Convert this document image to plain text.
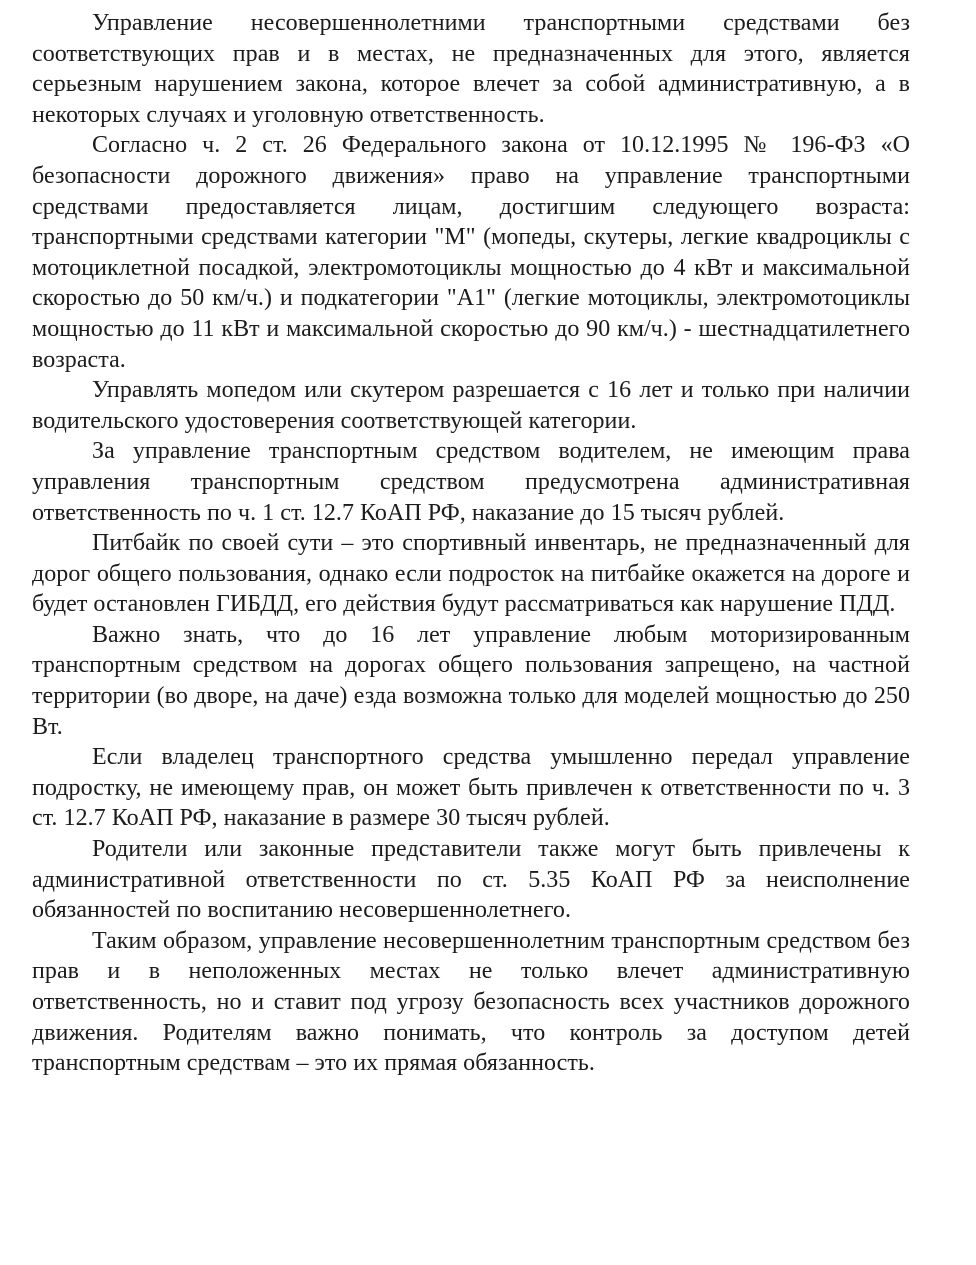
Управление несовершеннолетними транспортными средствами без соответствующих прав и в местах, не предназначенных для этого, является серьезным нарушением закона, которое влечет за собой административную, а в некоторых случаях и уголовную ответственность.

Согласно ч. 2 ст. 26 Федерального закона от 10.12.1995 № 196-ФЗ «О безопасности дорожного движения» право на управление транспортными средствами предоставляется лицам, достигшим следующего возраста: транспортными средствами категории "M" (мопеды, скутеры, легкие квадроциклы с мотоциклетной посадкой, электромотоциклы мощностью до 4 кВт и максимальной скоростью до 50 км/ч.) и подкатегории "A1" (легкие мотоциклы, электромотоциклы мощностью до 11 кВт и максимальной скоростью до 90 км/ч.) - шестнадцатилетнего возраста.

Управлять мопедом или скутером разрешается с 16 лет и только при наличии водительского удостоверения соответствующей категории.

За управление транспортным средством водителем, не имеющим права управления транспортным средством предусмотрена административная ответственность по ч. 1 ст. 12.7 КоАП РФ, наказание до 15 тысяч рублей.

Питбайк по своей сути – это спортивный инвентарь, не предназначенный для дорог общего пользования, однако если подросток на питбайке окажется на дороге и будет остановлен ГИБДД, его действия будут рассматриваться как нарушение ПДД.

Важно знать, что до 16 лет управление любым моторизированным транспортным средством на дорогах общего пользования запрещено, на частной территории (во дворе, на даче) езда возможна только для моделей мощностью до 250 Вт.

Если владелец транспортного средства умышленно передал управление подростку, не имеющему прав, он может быть привлечен к ответственности по ч. 3 ст. 12.7 КоАП РФ, наказание в размере 30 тысяч рублей.

Родители или законные представители также могут быть привлечены к административной ответственности по ст. 5.35 КоАП РФ за неисполнение обязанностей по воспитанию несовершеннолетнего.

Таким образом, управление несовершеннолетним транспортным средством без прав и в неположенных местах не только влечет административную ответственность, но и ставит под угрозу безопасность всех участников дорожного движения. Родителям важно понимать, что контроль за доступом детей транспортным средствам – это их прямая обязанность.
